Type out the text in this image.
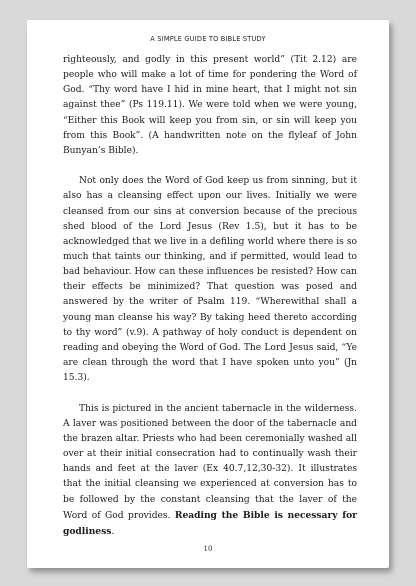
A SIMPLE GUIDE TO BIBLE STUDY

righteously, and godly in this present world” (Tit 2.12) are people who will make a lot of time for pondering the Word of God. “Thy word have I hid in mine heart, that I might not sin against thee” (Ps 119.11). We were told when we were young, “Either this Book will keep you from sin, or sin will keep you from this Book”. (A handwritten note on the flyleaf of John Bunyan’s Bible).

Not only does the Word of God keep us from sinning, but it also has a cleansing effect upon our lives. Initially we were cleansed from our sins at conversion because of the precious shed blood of the Lord Jesus (Rev 1.5), but it has to be acknowledged that we live in a defiling world where there is so much that taints our thinking, and if permitted, would lead to bad behaviour. How can these influences be resisted? How can their effects be minimized? That question was posed and answered by the writer of Psalm 119. “Wherewithal shall a young man cleanse his way? By taking heed thereto according to thy word” (v.9). A pathway of holy conduct is dependent on reading and obeying the Word of God. The Lord Jesus said, “Ye are clean through the word that I have spoken unto you” (Jn 15.3).

This is pictured in the ancient tabernacle in the wilderness. A laver was positioned between the door of the tabernacle and the brazen altar. Priests who had been ceremonially washed all over at their initial consecration had to continually wash their hands and feet at the laver (Ex 40.7,12,30-32). It illustrates that the initial cleansing we experienced at conversion has to be followed by the constant cleansing that the laver of the Word of God provides. Reading the Bible is necessary for godliness.

10
